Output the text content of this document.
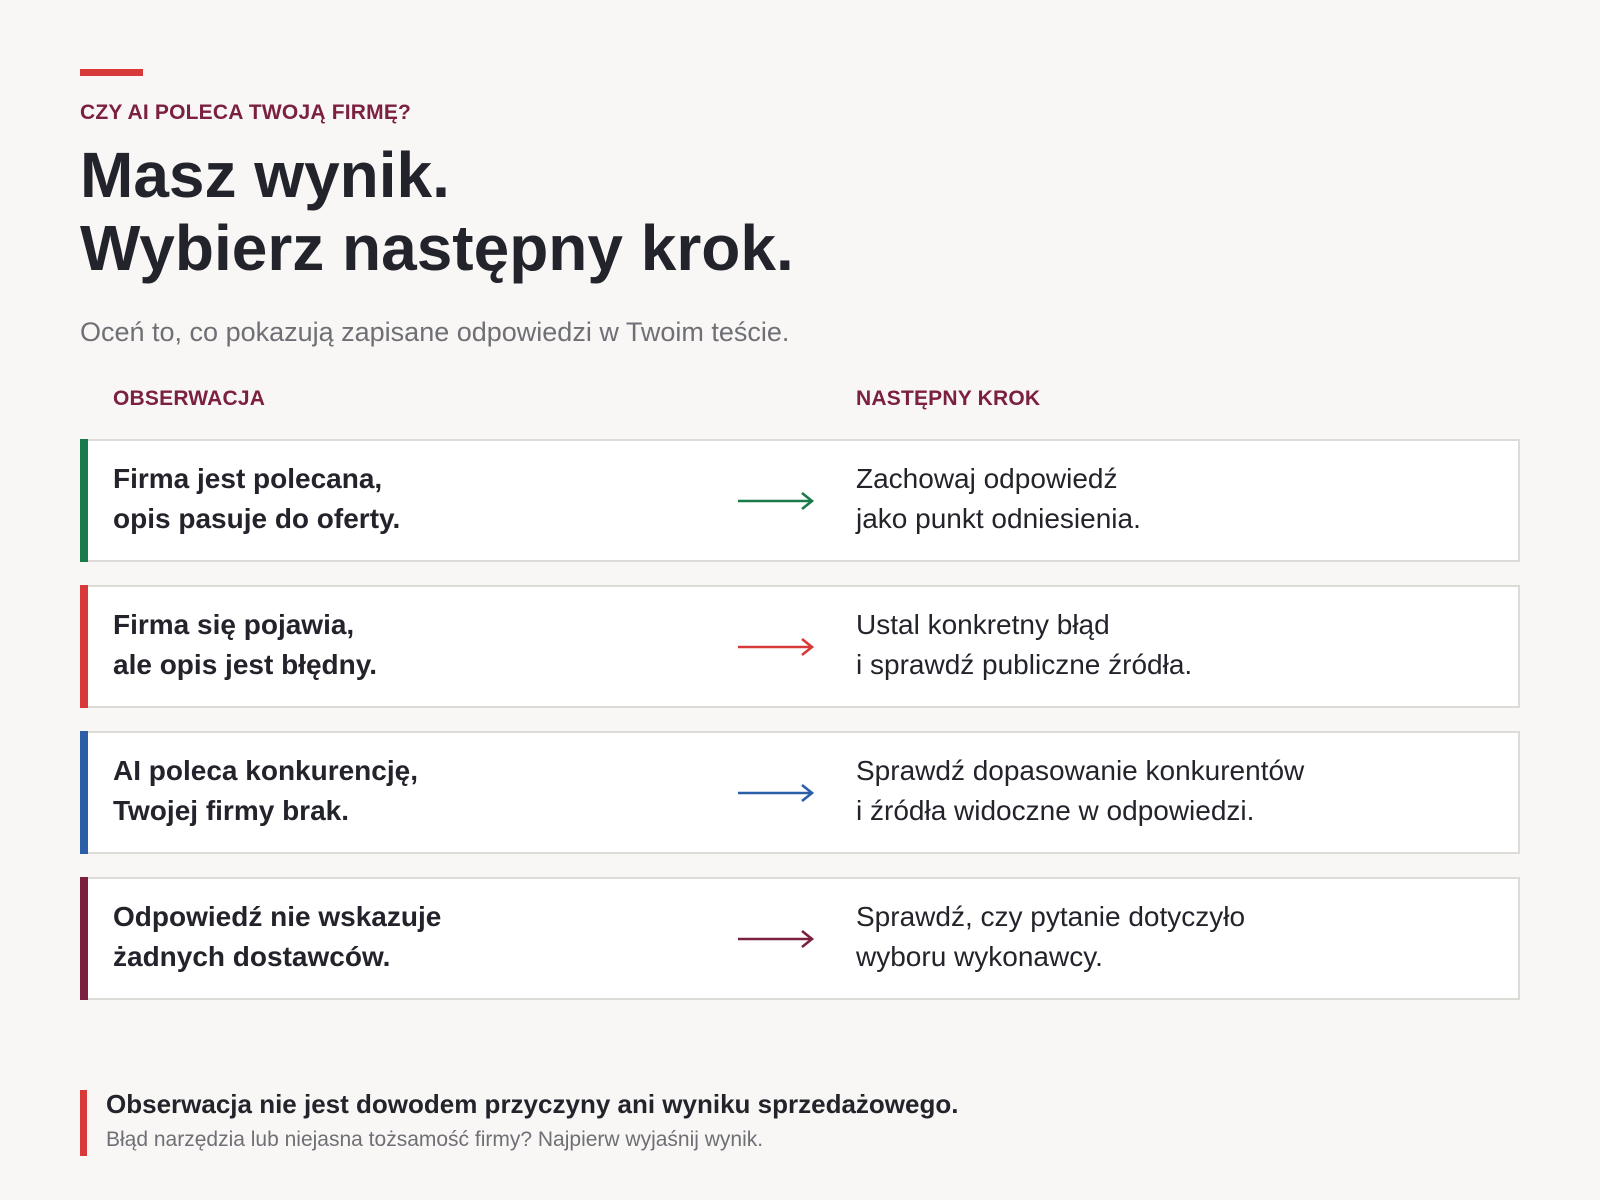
CZY AI POLECA TWOJĄ FIRMĘ?
Masz wynik.
Wybierz następny krok.
Oceń to, co pokazują zapisane odpowiedzi w Twoim teście.
OBSERWACJA	NASTĘPNY KROK
Firma jest polecana,
opis pasuje do oferty.
Zachowaj odpowiedź
jako punkt odniesienia.
Firma się pojawia,
ale opis jest błędny.
Ustal konkretny błąd
i sprawdź publiczne źródła.
AI poleca konkurencję,
Twojej firmy brak.
Sprawdź dopasowanie konkurentów
i źródła widoczne w odpowiedzi.
Odpowiedź nie wskazuje
żadnych dostawców.
Sprawdź, czy pytanie dotyczyło
wyboru wykonawcy.
Obserwacja nie jest dowodem przyczyny ani wyniku sprzedażowego.
Błąd narzędzia lub niejasna tożsamość firmy? Najpierw wyjaśnij wynik.
